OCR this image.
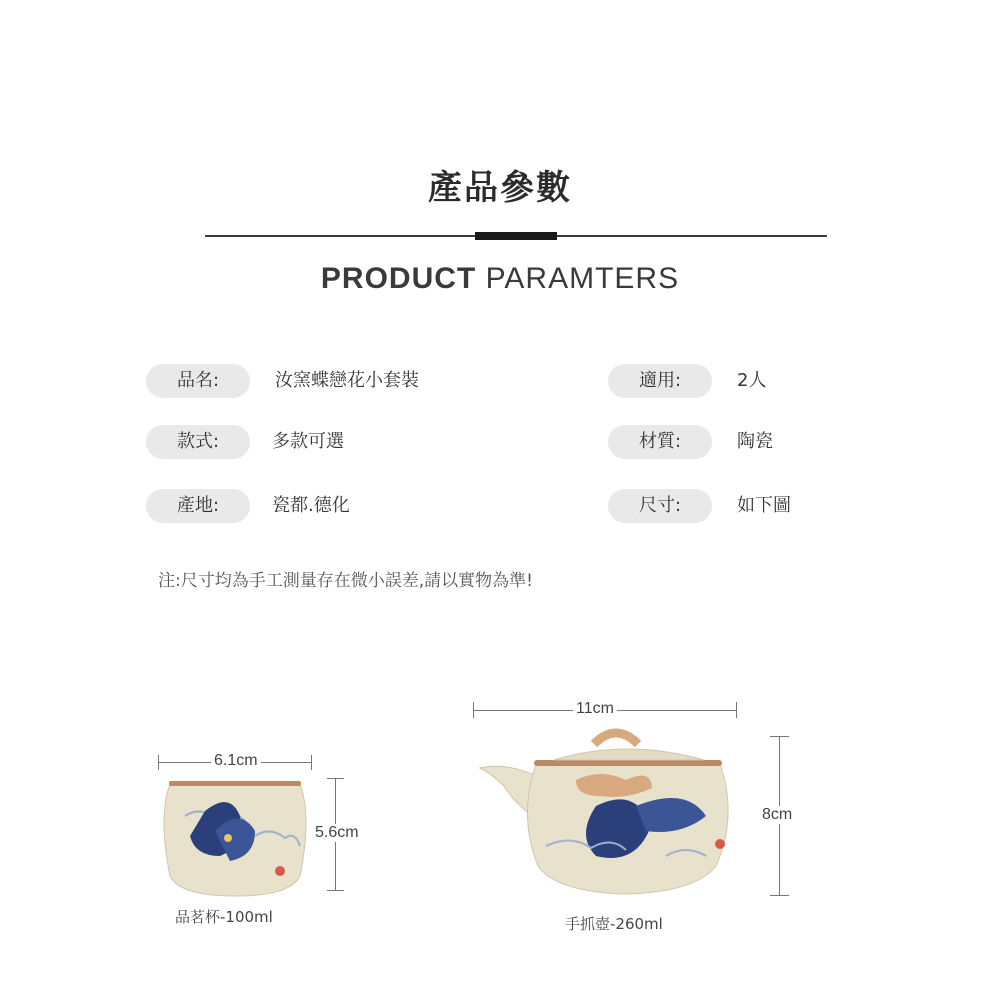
產品參數
PRODUCT PARAMTERS
品名:	汝窯蝶戀花小套裝
款式:	多款可選
產地:	瓷都.德化
適用:	2人
材質:	陶瓷
尺寸:	如下圖
注:尺寸均為手工測量存在微小誤差,請以實物為準!
6.1cm
5.6cm
品茗杯-100ml
11cm
8cm
手抓壺-260ml
